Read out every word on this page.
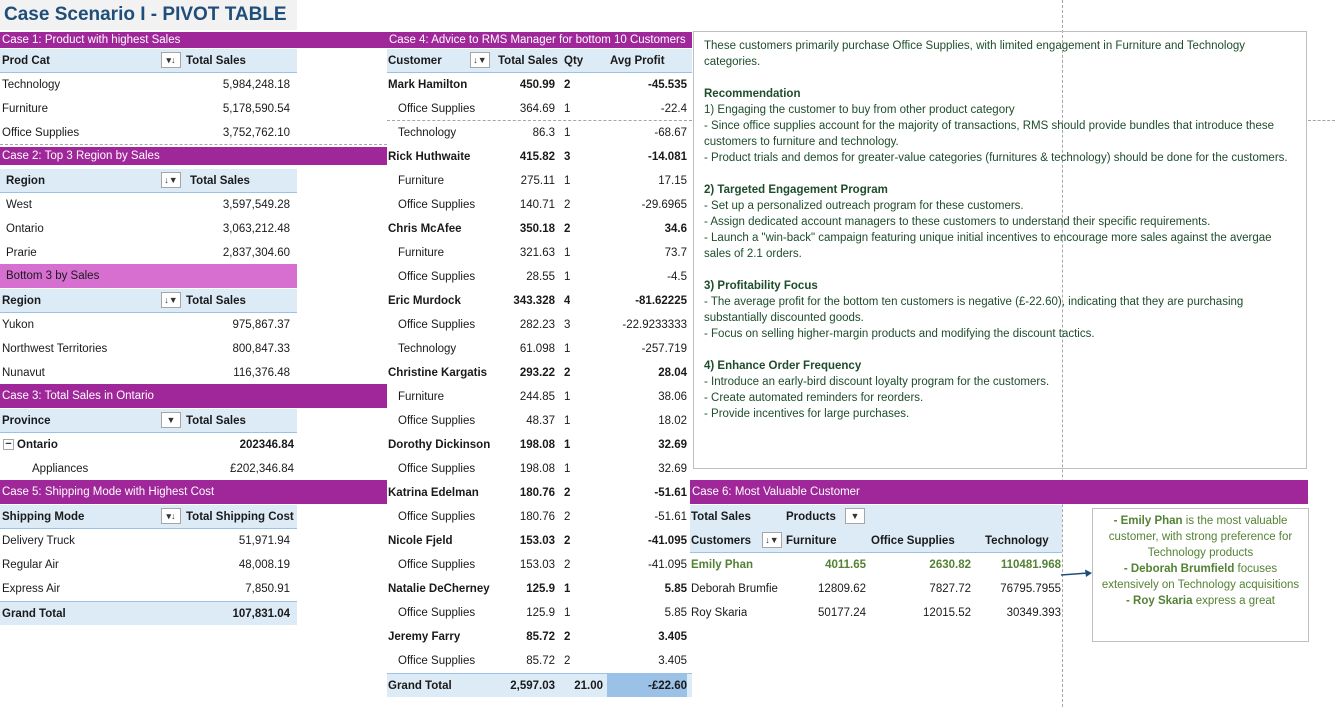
Case Scenario I - PIVOT TABLE
Case 1: Product with highest Sales
Prod Cat	▾↓ Total Sales
Technology	5,984,248.18
Furniture	5,178,590.54
Office Supplies	3,752,762.10
Case 2: Top 3 Region by Sales
Region	↓▼ Total Sales
West	3,597,549.28
Ontario	3,063,212.48
Prarie	2,837,304.60
Bottom 3 by Sales
Region	↓▼ Total Sales
Yukon	975,867.37
Northwest Territories	800,847.33
Nunavut	116,376.48
Case 3: Total Sales in Ontario
Province	▼ Total Sales
− Ontario	202346.84
Appliances	£202,346.84
Case 5: Shipping Mode with Highest Cost
Shipping Mode	▾↓ Total Shipping Cost
Delivery Truck	51,971.94
Regular Air	48,008.19
Express Air	7,850.91
Grand Total	107,831.04
Case 4: Advice to RMS Manager for bottom 10 Customers
Customer	↓▼ Total Sales Qty Avg Profit
Mark Hamilton	450.99 2	-45.535
Office Supplies	364.69 1	-22.4
Technology	86.3 1	-68.67
Rick Huthwaite	415.82 3	-14.081
Furniture	275.11 1	17.15
Office Supplies	140.71 2	-29.6965
Chris McAfee	350.18 2	34.6
Furniture	321.63 1	73.7
Office Supplies	28.55 1	-4.5
Eric Murdock	343.328 4	-81.62225
Office Supplies	282.23 3	-22.9233333
Technology	61.098 1	-257.719
Christine Kargatis	293.22 2	28.04
Furniture	244.85 1	38.06
Office Supplies	48.37 1	18.02
Dorothy Dickinson	198.08 1	32.69
Office Supplies	198.08 1	32.69
Katrina Edelman	180.76 2	-51.61
Office Supplies	180.76 2	-51.61
Nicole Fjeld	153.03 2	-41.095
Office Supplies	153.03 2	-41.095
Natalie DeCherney	125.9 1	5.85
Office Supplies	125.9 1	5.85
Jeremy Farry	85.72 2	3.405
Office Supplies	85.72 2	3.405
Grand Total	2,597.03	21.00	-£22.60

These customers primarily purchase Office Supplies, with limited engagement in Furniture and Technology categories.

Recommendation

1) Engaging the customer to buy from other product category

- Since office supplies account for the majority of transactions, RMS should provide bundles that introduce these customers to furniture and technology.

- Product trials and demos for greater-value categories (furnitures & technology) should be done for the customers.

2) Targeted Engagement Program

- Set up a personalized outreach program for these customers.

- Assign dedicated account managers to these customers to understand their specific requirements.

- Launch a "win-back" campaign featuring unique initial incentives to encourage more sales against the avergae sales of 2.1 orders.

3) Profitability Focus

- The average profit for the bottom ten customers is negative (£-22.60), indicating that they are purchasing substantially discounted goods.

- Focus on selling higher-margin products and modifying the discount tactics.

4) Enhance Order Frequency

- Introduce an early-bird discount loyalty program for the customers.

- Create automated reminders for reorders.

- Provide incentives for large purchases.

Case 6: Most Valuable Customer
Total Sales	Products	▼
Customers	↓▼ Furniture	Office Supplies	Technology
Emily Phan	4011.65	2630.82	110481.968
Deborah Brumfie	12809.62	7827.72	76795.7955
Roy Skaria	50177.24	12015.52	30349.393
- Emily Phan is the most valuable customer, with strong preference for Technology products
- Deborah Brumfield focuses extensively on Technology acquisitions
- Roy Skaria express a great
